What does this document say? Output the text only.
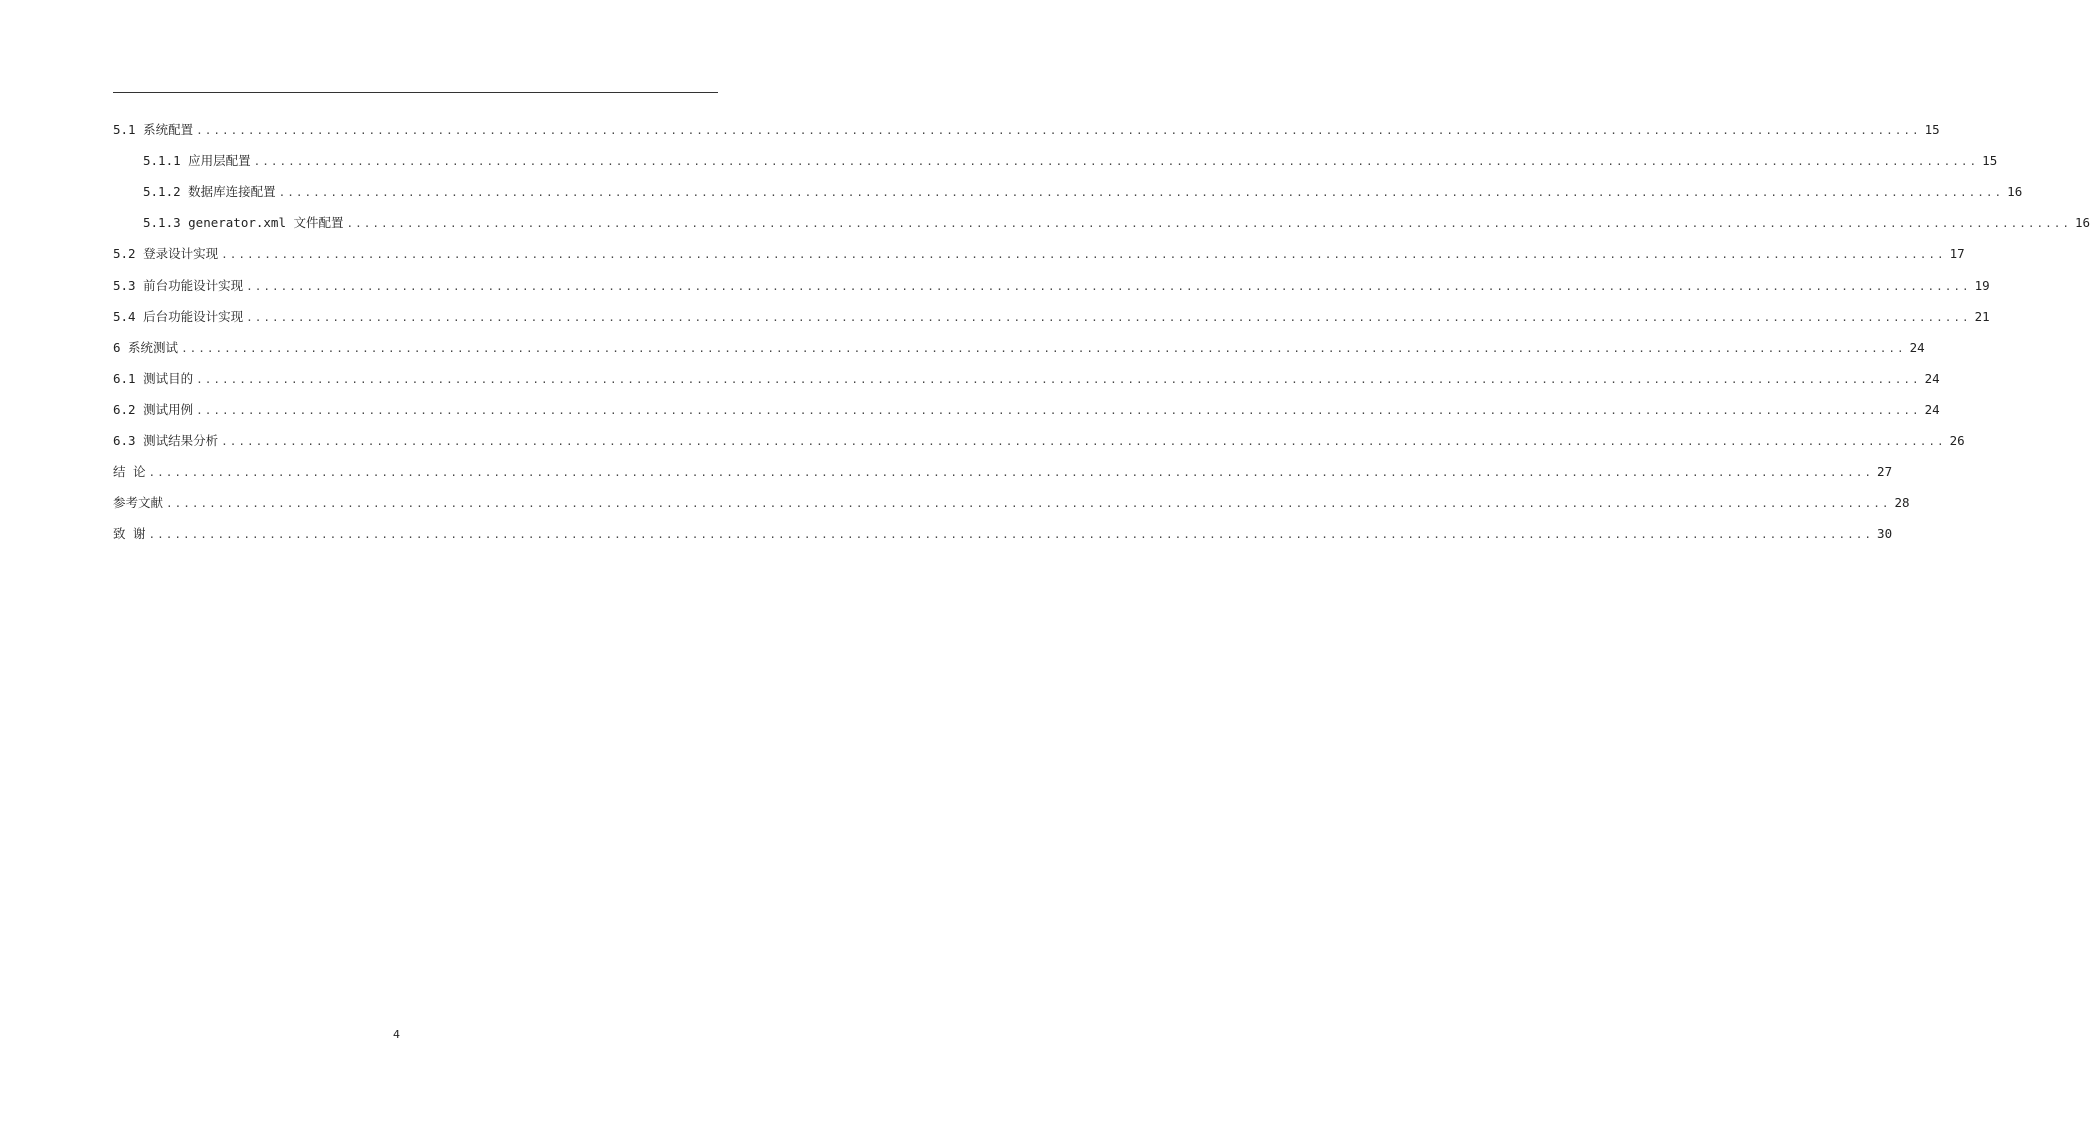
5.1 系统配置 ........................................................................................................................................................................................................ 15
5.1.1 应用层配置 ........................................................................................................................................................................................................ 15
5.1.2 数据库连接配置 ........................................................................................................................................................................................................ 16
5.1.3 generator.xml 文件配置 ........................................................................................................................................................................................................ 16
5.2 登录设计实现 ........................................................................................................................................................................................................ 17
5.3 前台功能设计实现 ........................................................................................................................................................................................................ 19
5.4 后台功能设计实现 ........................................................................................................................................................................................................ 21
6 系统测试 ........................................................................................................................................................................................................ 24
6.1 测试目的 ........................................................................................................................................................................................................ 24
6.2 测试用例 ........................................................................................................................................................................................................ 24
6.3 测试结果分析 ........................................................................................................................................................................................................ 26
结 论 ........................................................................................................................................................................................................ 27
参考文献 ........................................................................................................................................................................................................ 28
致 谢 ........................................................................................................................................................................................................ 30
4
